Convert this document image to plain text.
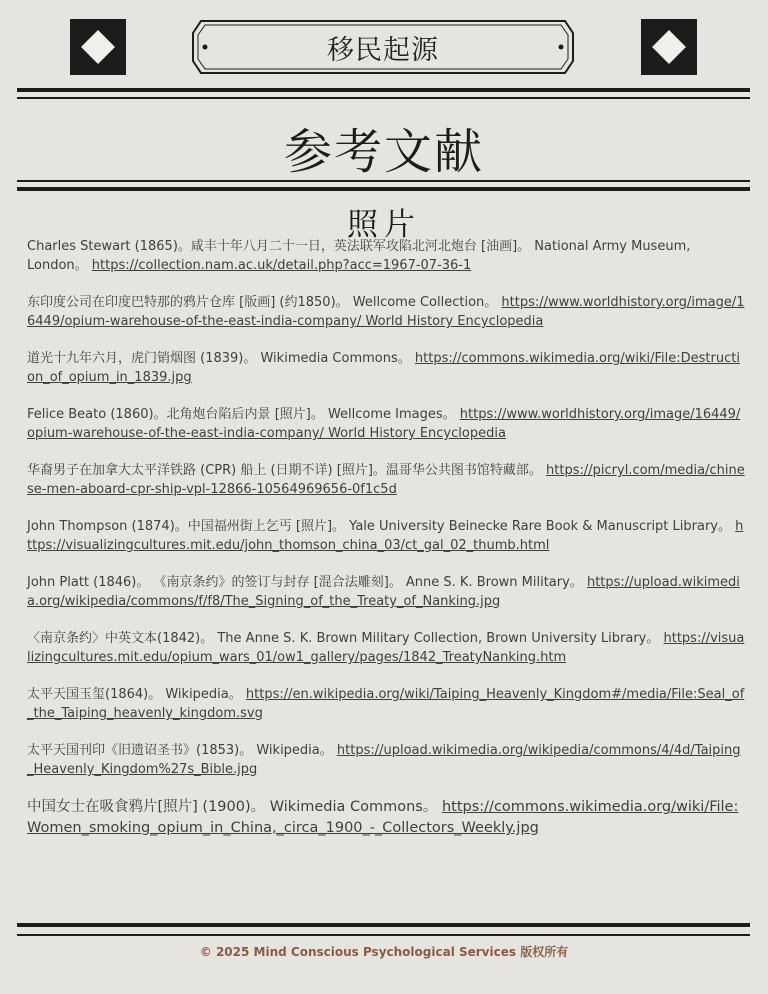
移民起源
参考文献
照片
Charles Stewart (1865)。咸丰十年八月二十一日，英法联军攻陷北河北炮台 [油画]。 National Army Museum, London。 https://collection.nam.ac.uk/detail.php?acc=1967-07-36-1
东印度公司在印度巴特那的鸦片仓库 [版画] (约1850)。 Wellcome Collection。 https://www.worldhistory.org/image/16449/opium-warehouse-of-the-east-india-company/ World History Encyclopedia
道光十九年六月，虎门销烟图 (1839)。 Wikimedia Commons。 https://commons.wikimedia.org/wiki/File:Destruction_of_opium_in_1839.jpg
Felice Beato (1860)。北角炮台陷后内景 [照片]。 Wellcome Images。 https://www.worldhistory.org/image/16449/opium-warehouse-of-the-east-india-company/ World History Encyclopedia
华裔男子在加拿大太平洋铁路 (CPR) 船上 (日期不详) [照片]。温哥华公共图书馆特藏部。 https://picryl.com/media/chinese-men-aboard-cpr-ship-vpl-12866-10564969656-0f1c5d
John Thompson (1874)。中国福州街上乞丐 [照片]。 Yale University Beinecke Rare Book & Manuscript Library。 https://visualizingcultures.mit.edu/john_thomson_china_03/ct_gal_02_thumb.html
John Platt (1846)。 《南京条约》的签订与封存 [混合法雕刻]。 Anne S. K. Brown Military。 https://upload.wikimedia.org/wikipedia/commons/f/f8/The_Signing_of_the_Treaty_of_Nanking.jpg
〈南京条约〉中英文本(1842)。 The Anne S. K. Brown Military Collection, Brown University Library。 https://visualizingcultures.mit.edu/opium_wars_01/ow1_gallery/pages/1842_TreatyNanking.htm
太平天国玉玺(1864)。 Wikipedia。 https://en.wikipedia.org/wiki/Taiping_Heavenly_Kingdom#/media/File:Seal_of_the_Taiping_heavenly_kingdom.svg
太平天国刊印《旧遗诏圣书》(1853)。 Wikipedia。 https://upload.wikimedia.org/wikipedia/commons/4/4d/Taiping_Heavenly_Kingdom%27s_Bible.jpg
中国女士在吸食鸦片[照片] (1900)。 Wikimedia Commons。 https://commons.wikimedia.org/wiki/File:Women_smoking_opium_in_China,_circa_1900_-_Collectors_Weekly.jpg
© 2025 Mind Conscious Psychological Services 版权所有
